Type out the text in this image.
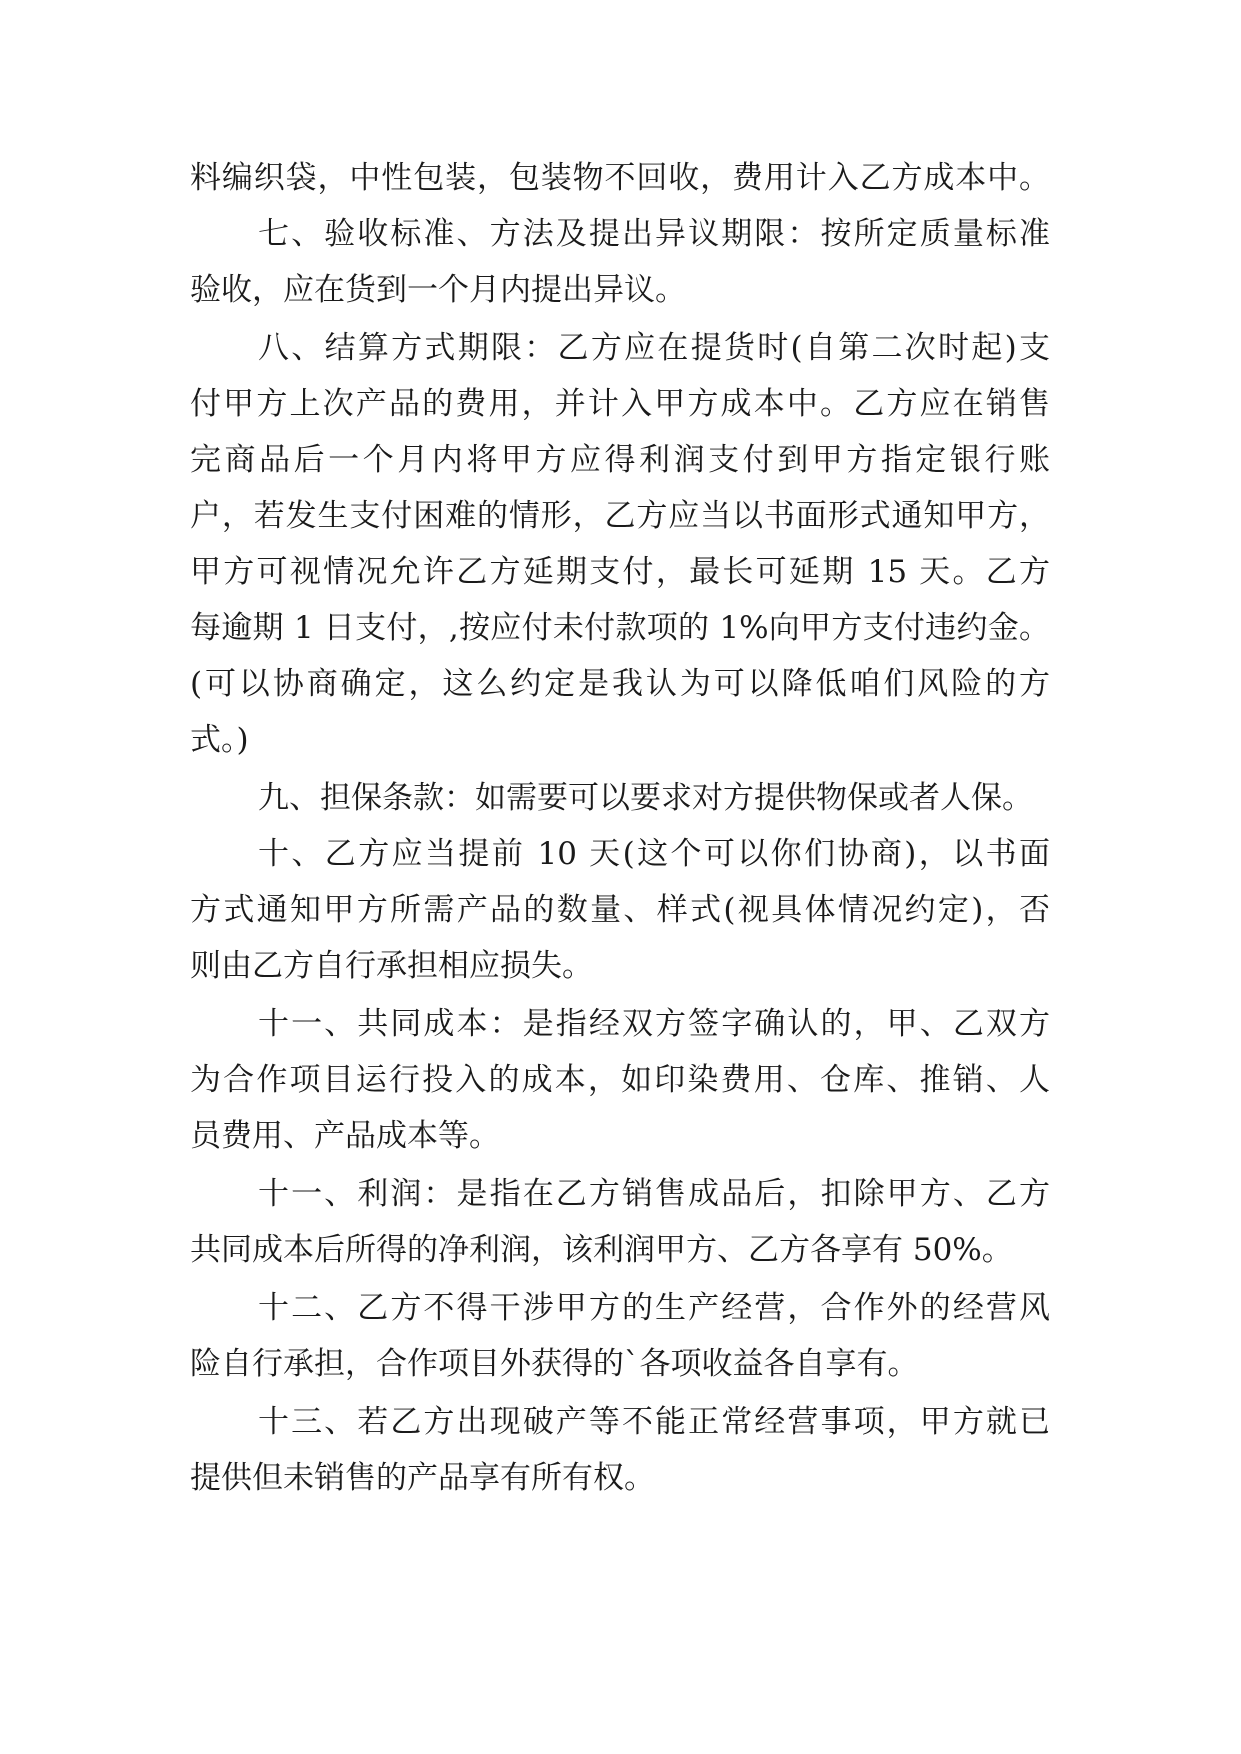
料编织袋，中性包装，包装物不回收，费用计入乙方成本中。
七、验收标准、方法及提出异议期限：按所定质量标准
验收，应在货到一个月内提出异议。
八、结算方式期限：乙方应在提货时(自第二次时起)支
付甲方上次产品的费用，并计入甲方成本中。乙方应在销售
完商品后一个月内将甲方应得利润支付到甲方指定银行账
户，若发生支付困难的情形，乙方应当以书面形式通知甲方，
甲方可视情况允许乙方延期支付，最长可延期 15 天。乙方
每逾期 1 日支付，,按应付未付款项的 1%向甲方支付违约金。
(可以协商确定，这么约定是我认为可以降低咱们风险的方
式。)
九、担保条款：如需要可以要求对方提供物保或者人保。
十、乙方应当提前 10 天(这个可以你们协商)，以书面
方式通知甲方所需产品的数量、样式(视具体情况约定)，否
则由乙方自行承担相应损失。
十一、共同成本：是指经双方签字确认的，甲、乙双方
为合作项目运行投入的成本，如印染费用、仓库、推销、人
员费用、产品成本等。
十一、利润：是指在乙方销售成品后，扣除甲方、乙方
共同成本后所得的净利润，该利润甲方、乙方各享有 50%。
十二、乙方不得干涉甲方的生产经营，合作外的经营风
险自行承担，合作项目外获得的`各项收益各自享有。
十三、若乙方出现破产等不能正常经营事项，甲方就已
提供但未销售的产品享有所有权。
